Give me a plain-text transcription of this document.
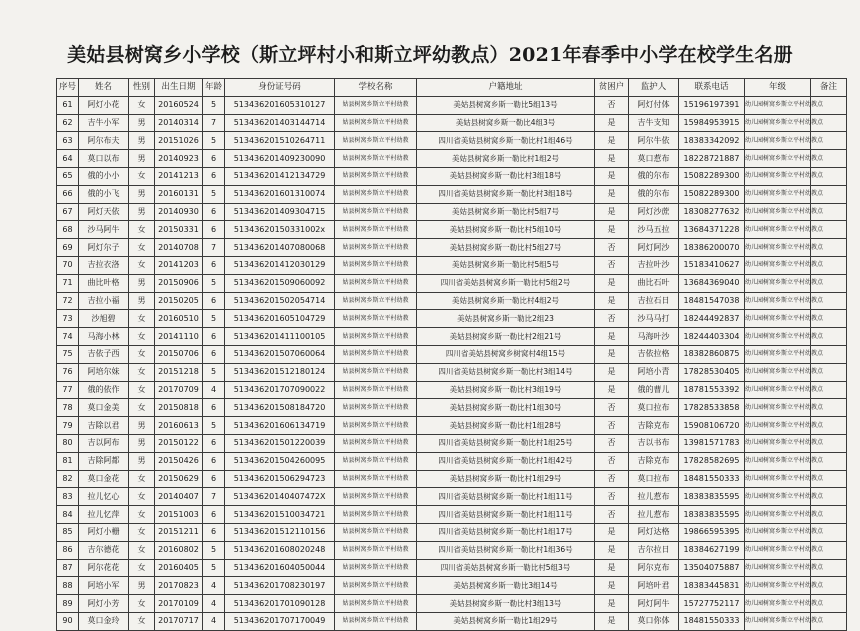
美姑县树窝乡小学校（斯立坪村小和斯立坪幼教点）2021年春季中小学在校学生名册
序号	姓名	性别	出生日期	年龄	身份证号码	学校名称	户籍地址	贫困户	监护人	联系电话	年级	备注
61	阿灯小花	女	20160524	5	513436201605310127	姑县树窝乡斯立平村幼教	美姑县树窝乡斯一勒比5组13号	否	阿灯付体	15196197391	幼儿园树窝乡斯立平村幼教点	
62	吉牛小军	男	20140314	7	513436201403144714	姑县树窝乡斯立平村幼教	美姑县树窝乡斯一勒比4组3号	是	吉牛支知	15984953915	幼儿园树窝乡斯立平村幼教点	
63	阿尔布夫	男	20151026	5	513436201510264711	姑县树窝乡斯立平村幼教	四川省美姑县树窝乡斯一勒比村1组46号	是	阿尔牛依	18383342092	幼儿园树窝乡斯立平村幼教点	
64	莫口以布	男	20140923	6	513436201409230090	姑县树窝乡斯立平村幼教	美姑县树窝乡斯一勒比村1组2号	是	莫口惹布	18228721887	幼儿园树窝乡斯立平村幼教点	
65	俄的小小	女	20141213	6	513436201412134729	姑县树窝乡斯立平村幼教	美姑县树窝乡斯一勒比村3组18号	是	俄的尔布	15082289300	幼儿园树窝乡斯立平村幼教点	
66	俄的小飞	男	20160131	5	513436201601310074	姑县树窝乡斯立平村幼教	四川省美姑县树窝乡斯一勒比村3组18号	是	俄的尔布	15082289300	幼儿园树窝乡斯立平村幼教点	
67	阿灯天依	男	20140930	6	513436201409304715	姑县树窝乡斯立平村幼教	美姑县树窝乡斯一勒比村5组7号	是	阿灯沙蔗	18308277632	幼儿园树窝乡斯立平村幼教点	
68	沙马阿牛	女	20150331	6	51343620150331002x	姑县树窝乡斯立平村幼教	美姑县树窝乡斯一勒比村5组10号	是	沙马五拉	13684371228	幼儿园树窝乡斯立平村幼教点	
69	阿灯尔子	女	20140708	7	513436201407080068	姑县树窝乡斯立平村幼教	美姑县树窝乡斯一勒比村5组27号	否	阿灯阿沙	18386200070	幼儿园树窝乡斯立平村幼教点	
70	吉拉衣洛	女	20141203	6	513436201412030129	姑县树窝乡斯立平村幼教	美姑县树窝乡斯一勒比村5组5号	否	吉拉叶沙	15183410627	幼儿园树窝乡斯立平村幼教点	
71	曲比叶格	男	20150906	5	513436201509060092	姑县树窝乡斯立平村幼教	四川省美姑县树窝乡斯一勒比村5组2号	是	曲比石叶	13684369040	幼儿园树窝乡斯立平村幼教点	
72	吉拉小福	男	20150205	6	513436201502054714	姑县树窝乡斯立平村幼教	美姑县树窝乡斯一勒比村4组2号	是	吉拉石日	18481547038	幼儿园树窝乡斯立平村幼教点	
73	沙旭碧	女	20160510	5	513436201605104729	姑县树窝乡斯立平村幼教	美姑县树窝乡斯一勒比2组23	否	沙马马打	18244492837	幼儿园树窝乡斯立平村幼教点	
74	马海小林	女	20141110	6	513436201411100105	姑县树窝乡斯立平村幼教	美姑县树窝乡斯一勒比村2组21号	是	马海叶沙	18244403304	幼儿园树窝乡斯立平村幼教点	
75	吉依子西	女	20150706	6	513436201507060064	姑县树窝乡斯立平村幼教	四川省美姑县树窝乡树窝村4组15号	是	吉依拉格	18382860875	幼儿园树窝乡斯立平村幼教点	
76	阿培尔妹	女	20151218	5	513436201512180124	姑县树窝乡斯立平村幼教	四川省美姑县树窝乡斯一勒比村3组14号	是	阿培小青	17828530405	幼儿园树窝乡斯立平村幼教点	
77	俄的依作	女	20170709	4	513436201707090022	姑县树窝乡斯立平村幼教	美姑县树窝乡斯一勒比村3组19号	是	俄的曹儿	18781553392	幼儿园树窝乡斯立平村幼教点	
78	莫口金美	女	20150818	6	513436201508184720	姑县树窝乡斯立平村幼教	美姑县树窝乡斯一勒比村1组30号	否	莫口拉布	17828533858	幼儿园树窝乡斯立平村幼教点	
79	吉除以君	男	20160613	5	513436201606134719	姑县树窝乡斯立平村幼教	美姑县树窝乡斯一勒比村1组28号	否	吉除克布	15908106720	幼儿园树窝乡斯立平村幼教点	
80	吉以阿布	男	20150122	6	513436201501220039	姑县树窝乡斯立平村幼教	四川省美姑县树窝乡斯一勒比村1组25号	否	吉以书布	13981571783	幼儿园树窝乡斯立平村幼教点	
81	吉除阿都	男	20150426	6	513436201504260095	姑县树窝乡斯立平村幼教	四川省美姑县树窝乡斯一勒比村1组42号	否	吉除克布	17828582695	幼儿园树窝乡斯立平村幼教点	
82	莫口金花	女	20150629	6	513436201506294723	姑县树窝乡斯立平村幼教	美姑县树窝乡斯一勒比村1组29号	否	莫口拉布	18481550333	幼儿园树窝乡斯立平村幼教点	
83	拉儿忆心	女	20140407	7	51343620140407472X	姑县树窝乡斯立平村幼教	四川省美姑县树窝乡斯一勒比村1组11号	否	拉儿惹布	18383835595	幼儿园树窝乡斯立平村幼教点	
84	拉儿忆萍	女	20151003	6	513436201510034721	姑县树窝乡斯立平村幼教	四川省美姑县树窝乡斯一勒比村1组11号	否	拉儿惹布	18383835595	幼儿园树窝乡斯立平村幼教点	
85	阿灯小栅	女	20151211	6	513436201512110156	姑县树窝乡斯立平村幼教	四川省美姑县树窝乡斯一勒比村1组17号	是	阿灯达格	19866595395	幼儿园树窝乡斯立平村幼教点	
86	吉尔德花	女	20160802	5	513436201608020248	姑县树窝乡斯立平村幼教	四川省美姑县树窝乡斯一勒比村1组36号	是	吉尔拉日	18384627199	幼儿园树窝乡斯立平村幼教点	
87	阿尔花花	女	20160405	5	513436201604050044	姑县树窝乡斯立平村幼教	四川省美姑县树窝乡斯一勒比村5组3号	是	阿尔克布	13504075887	幼儿园树窝乡斯立平村幼教点	
88	阿培小军	男	20170823	4	513436201708230197	姑县树窝乡斯立平村幼教	美姑县树窝乡斯一勒比3组14号	是	阿培叶君	18383445831	幼儿园树窝乡斯立平村幼教点	
89	阿灯小芳	女	20170109	4	513436201701090128	姑县树窝乡斯立平村幼教	美姑县树窝乡斯一勒比村3组13号	是	阿灯阿牛	15727752117	幼儿园树窝乡斯立平村幼教点	
90	莫口金玲	女	20170717	4	513436201707170049	姑县树窝乡斯立平村幼教	美姑县树窝乡斯一勒比1组29号	是	莫口你体	18481550333	幼儿园树窝乡斯立平村幼教点	
